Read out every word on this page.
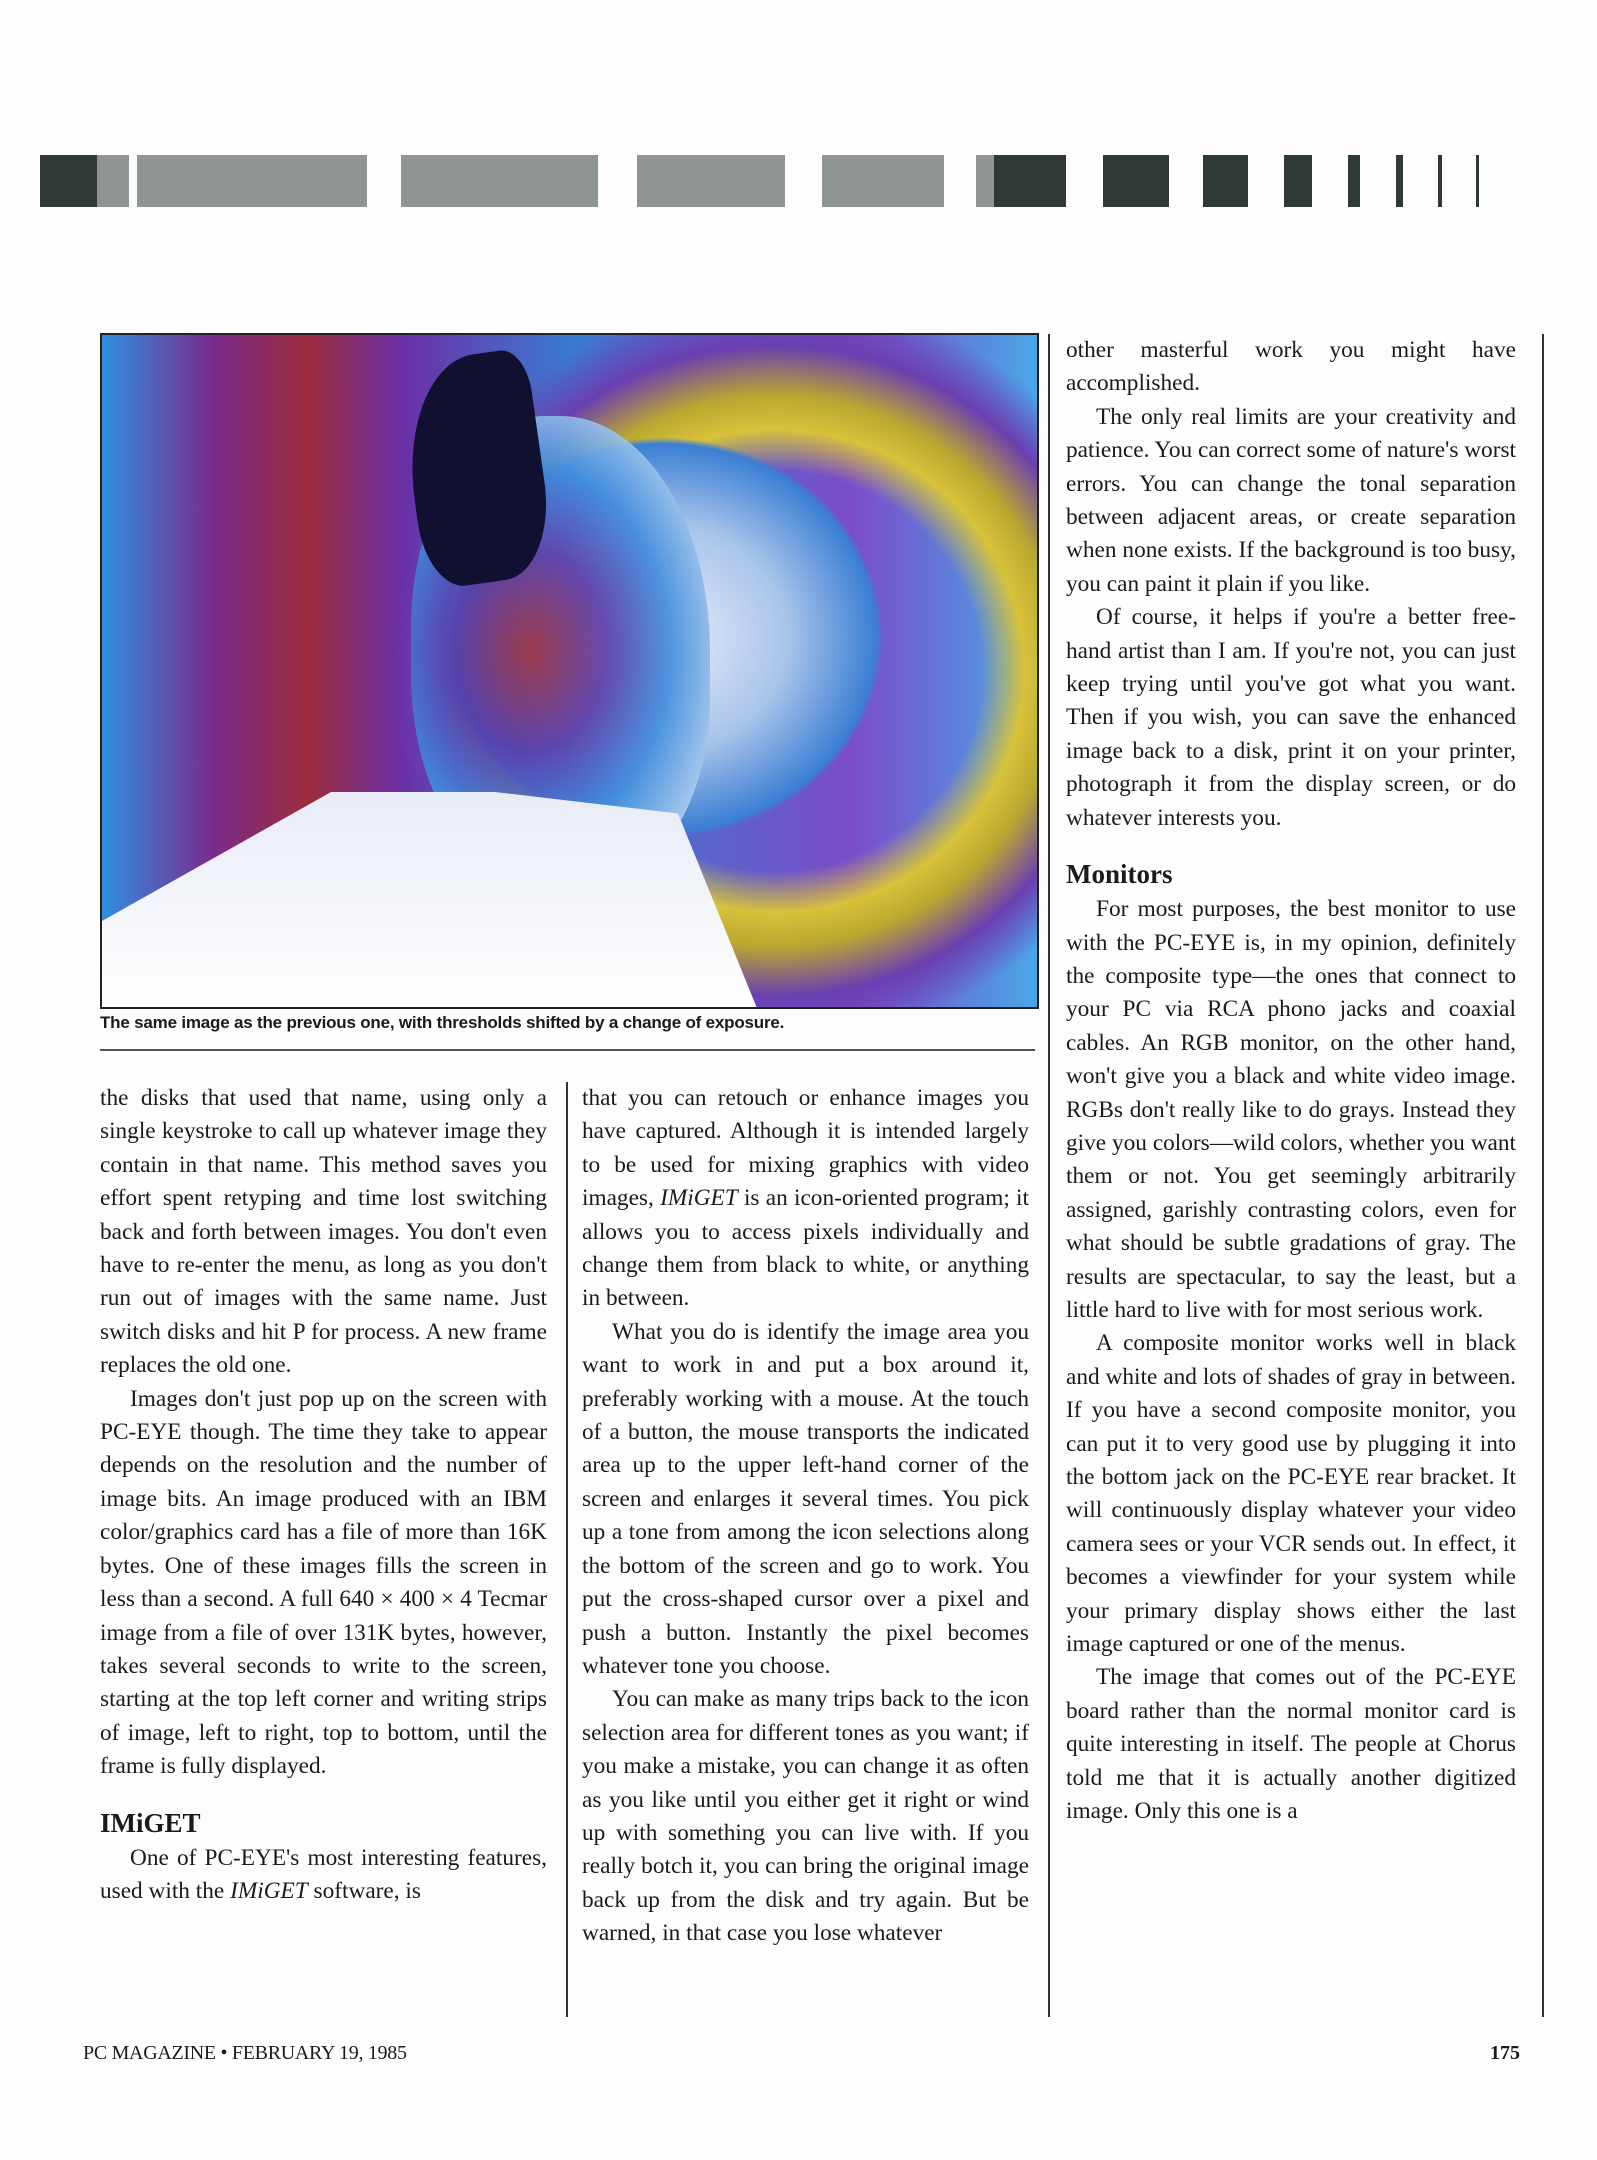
The same image as the previous one, with thresholds shifted by a change of exposure.

the disks that used that name, using only a single keystroke to call up whatever image they contain in that name. This method saves you effort spent retyping and time lost switching back and forth between images. You don't even have to re-enter the menu, as long as you don't run out of images with the same name. Just switch disks and hit P for process. A new frame replaces the old one.

Images don't just pop up on the screen with PC-EYE though. The time they take to appear depends on the resolution and the number of image bits. An image produced with an IBM color/graphics card has a file of more than 16K bytes. One of these images fills the screen in less than a second. A full 640 × 400 × 4 Tecmar image from a file of over 131K bytes, however, takes several seconds to write to the screen, starting at the top left corner and writing strips of image, left to right, top to bottom, until the frame is fully displayed.

IMiGET

One of PC-EYE's most interesting features, used with the IMiGET software, is

that you can retouch or enhance images you have captured. Although it is intended largely to be used for mixing graphics with video images, IMiGET is an icon-oriented program; it allows you to access pixels individually and change them from black to white, or anything in between.

What you do is identify the image area you want to work in and put a box around it, preferably working with a mouse. At the touch of a button, the mouse transports the indicated area up to the upper left-hand corner of the screen and enlarges it several times. You pick up a tone from among the icon selections along the bottom of the screen and go to work. You put the cross-shaped cursor over a pixel and push a button. Instantly the pixel becomes whatever tone you choose.

You can make as many trips back to the icon selection area for different tones as you want; if you make a mistake, you can change it as often as you like until you either get it right or wind up with something you can live with. If you really botch it, you can bring the original image back up from the disk and try again. But be warned, in that case you lose whatever

other masterful work you might have accomplished.

The only real limits are your creativity and patience. You can correct some of nature's worst errors. You can change the tonal separation between adjacent areas, or create separation when none exists. If the background is too busy, you can paint it plain if you like.

Of course, it helps if you're a better free-hand artist than I am. If you're not, you can just keep trying until you've got what you want. Then if you wish, you can save the enhanced image back to a disk, print it on your printer, photograph it from the display screen, or do whatever interests you.

Monitors

For most purposes, the best monitor to use with the PC-EYE is, in my opinion, definitely the composite type—the ones that connect to your PC via RCA phono jacks and coaxial cables. An RGB monitor, on the other hand, won't give you a black and white video image. RGBs don't really like to do grays. Instead they give you colors—wild colors, whether you want them or not. You get seemingly arbitrarily assigned, garishly contrasting colors, even for what should be subtle gradations of gray. The results are spectacular, to say the least, but a little hard to live with for most serious work.

A composite monitor works well in black and white and lots of shades of gray in between. If you have a second composite monitor, you can put it to very good use by plugging it into the bottom jack on the PC-EYE rear bracket. It will continuously display whatever your video camera sees or your VCR sends out. In effect, it becomes a viewfinder for your system while your primary display shows either the last image captured or one of the menus.

The image that comes out of the PC-EYE board rather than the normal monitor card is quite interesting in itself. The people at Chorus told me that it is actually another digitized image. Only this one is a

PC MAGAZINE • FEBRUARY 19, 1985	175
